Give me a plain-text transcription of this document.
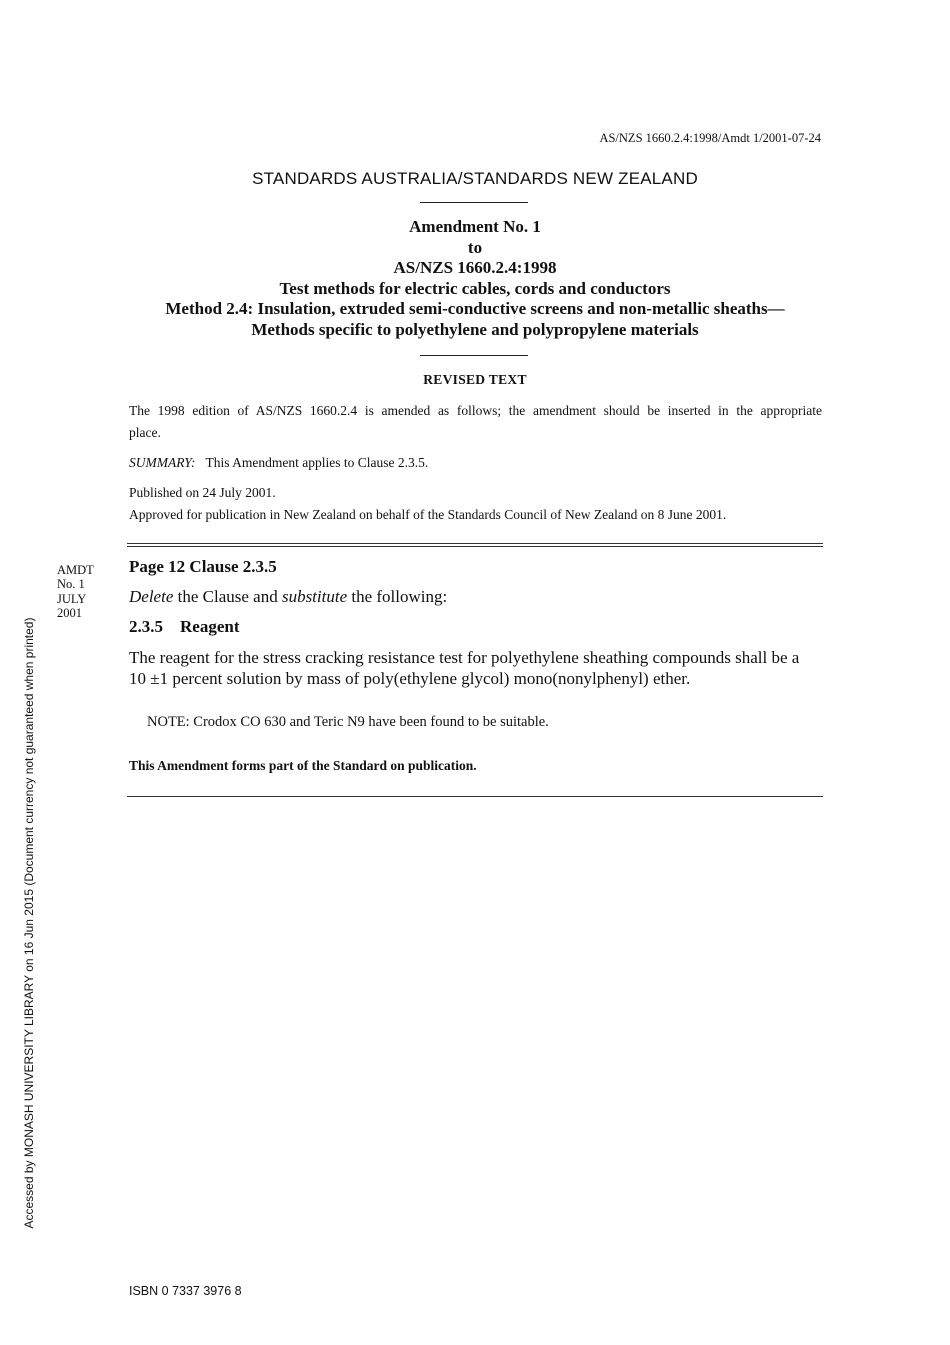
AS/NZS 1660.2.4:1998/Amdt 1/2001-07-24
STANDARDS AUSTRALIA/STANDARDS NEW ZEALAND
Amendment No. 1
to
AS/NZS 1660.2.4:1998
Test methods for electric cables, cords and conductors
Method 2.4: Insulation, extruded semi-conductive screens and non-metallic sheaths—
Methods specific to polyethylene and polypropylene materials
REVISED TEXT
The 1998 edition of AS/NZS 1660.2.4 is amended as follows; the amendment should be inserted in the appropriate place.
SUMMARY: This Amendment applies to Clause 2.3.5.
Published on 24 July 2001.
Approved for publication in New Zealand on behalf of the Standards Council of New Zealand on 8 June 2001.
AMDT
No. 1
JULY
2001
Page 12 Clause 2.3.5
Delete the Clause and substitute the following:
2.3.5    Reagent
The reagent for the stress cracking resistance test for polyethylene sheathing compounds shall be a 10 ±1 percent solution by mass of poly(ethylene glycol) mono(nonylphenyl) ether.
NOTE: Crodox CO 630 and Teric N9 have been found to be suitable.
This Amendment forms part of the Standard on publication.
Accessed by MONASH UNIVERSITY LIBRARY on 16 Jun 2015 (Document currency not guaranteed when printed)
ISBN 0 7337 3976 8
